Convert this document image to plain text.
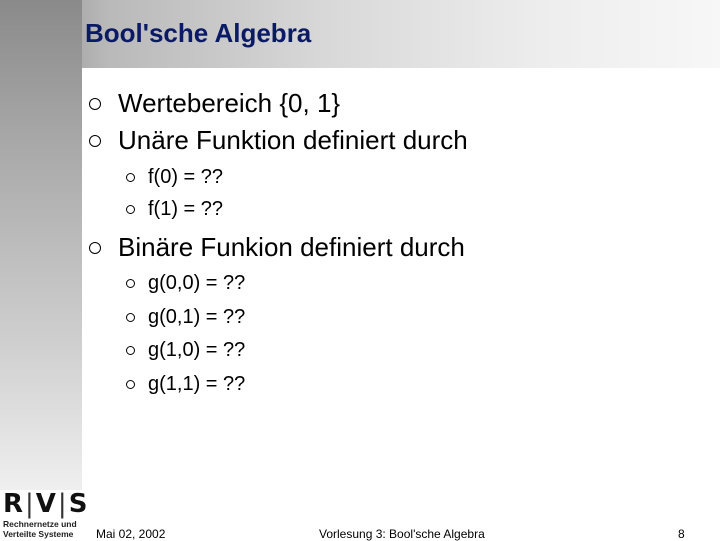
Bool'sche Algebra
Wertebereich {0, 1}
Unäre Funktion definiert durch
f(0) = ??
f(1) = ??
Binäre Funkion definiert durch
g(0,0) = ??
g(0,1) = ??
g(1,0) = ??
g(1,1) = ??
R | V | S
Rechnernetze und
Verteilte Systeme Mai 02, 2002	Vorlesung 3: Bool'sche Algebra	8
